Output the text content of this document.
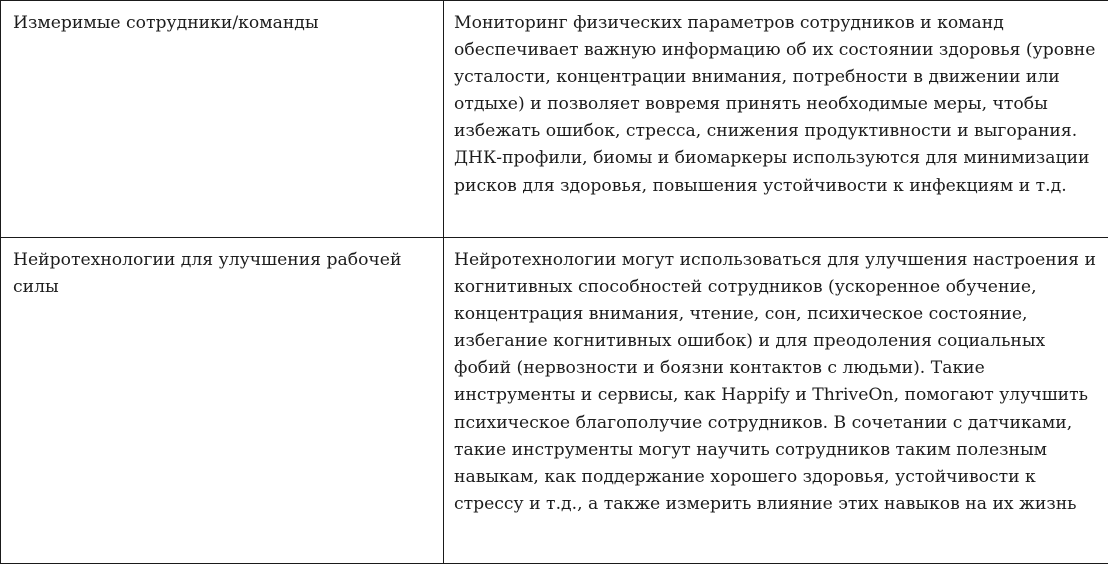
Измеримые сотрудники/команды	Мониторинг физических параметров сотрудников и команд обеспечивает важную информацию об их состоянии здоровья (уровне усталости, концентрации внимания, потребности в движении или отдыхе) и позволяет вовремя принять необходимые меры, чтобы избежать ошибок, стресса, снижения продуктивности и выгорания. ДНК-профили, биомы и биомаркеры используются для минимизации рисков для здоровья, повышения устойчивости к инфекциям и т.д.

Нейротехнологии для улучшения рабочей силы	Нейротехнологии могут использоваться для улучшения настроения и когнитивных способностей сотрудников (ускоренное обучение, концентрация внимания, чтение, сон, психическое состояние, избегание когнитивных ошибок) и для преодоления социальных фобий (нервозности и боязни контактов с людьми). Такие инструменты и сервисы, как Happify и ThriveOn, помогают улучшить психическое благополучие сотрудников. В сочетании с датчиками, такие инструменты могут научить сотрудников таким полезным навыкам, как поддержание хорошего здоровья, устойчивости к стрессу и т.д., а также измерить влияние этих навыков на их жизнь
